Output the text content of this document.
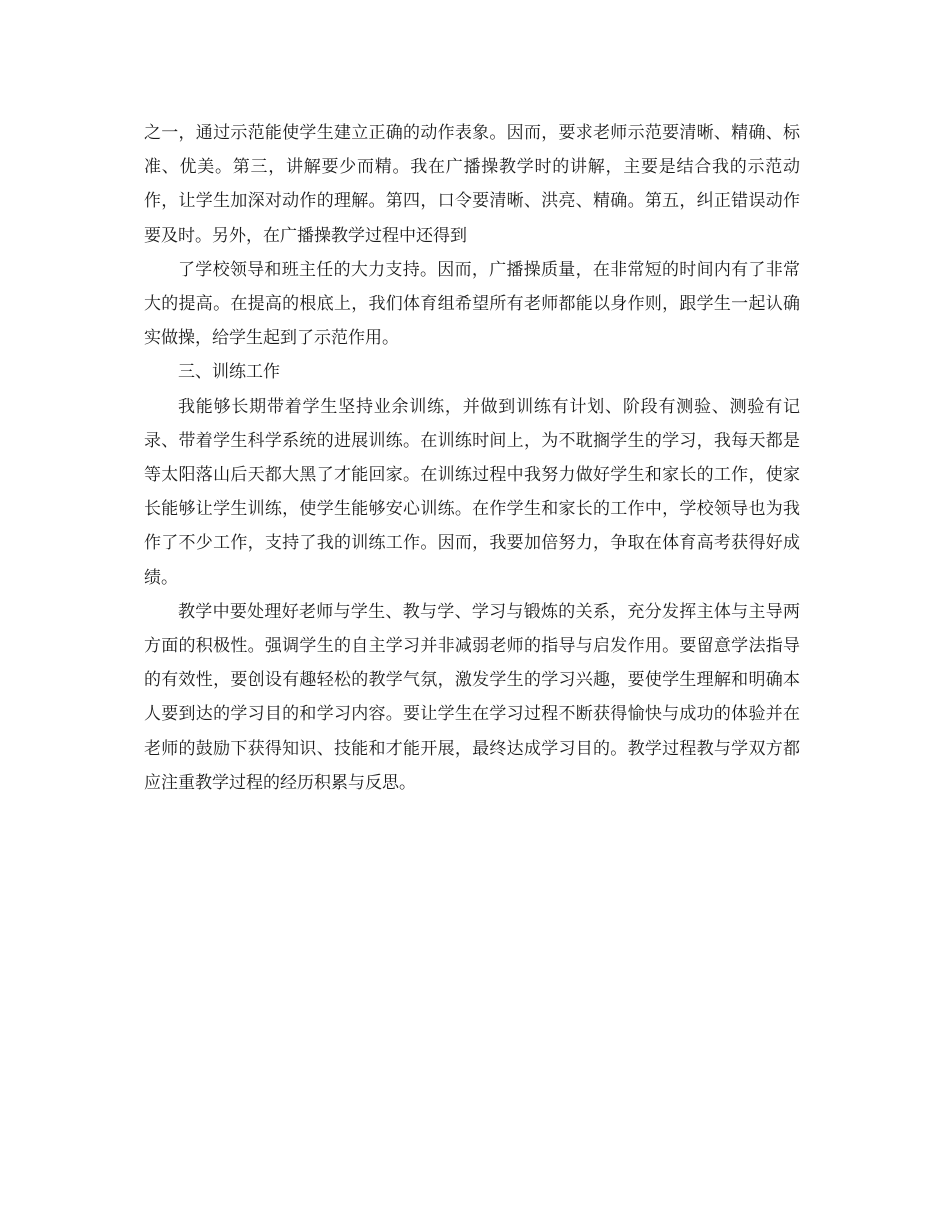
之一，通过示范能使学生建立正确的动作表象。因而，要求老师示范要清晰、精确、标准、优美。第三，讲解要少而精。我在广播操教学时的讲解，主要是结合我的示范动作，让学生加深对动作的理解。第四，口令要清晰、洪亮、精确。第五，纠正错误动作要及时。另外，在广播操教学过程中还得到

了学校领导和班主任的大力支持。因而，广播操质量，在非常短的时间内有了非常大的提高。在提高的根底上，我们体育组希望所有老师都能以身作则，跟学生一起认确实做操，给学生起到了示范作用。

三、训练工作

我能够长期带着学生坚持业余训练，并做到训练有计划、阶段有测验、测验有记录、带着学生科学系统的进展训练。在训练时间上，为不耽搁学生的学习，我每天都是等太阳落山后天都大黑了才能回家。在训练过程中我努力做好学生和家长的工作，使家长能够让学生训练，使学生能够安心训练。在作学生和家长的工作中，学校领导也为我作了不少工作，支持了我的训练工作。因而，我要加倍努力，争取在体育高考获得好成绩。

教学中要处理好老师与学生、教与学、学习与锻炼的关系，充分发挥主体与主导两方面的积极性。强调学生的自主学习并非减弱老师的指导与启发作用。要留意学法指导的有效性，要创设有趣轻松的教学气氛，激发学生的学习兴趣，要使学生理解和明确本人要到达的学习目的和学习内容。要让学生在学习过程不断获得愉快与成功的体验并在老师的鼓励下获得知识、技能和才能开展，最终达成学习目的。教学过程教与学双方都应注重教学过程的经历积累与反思。
